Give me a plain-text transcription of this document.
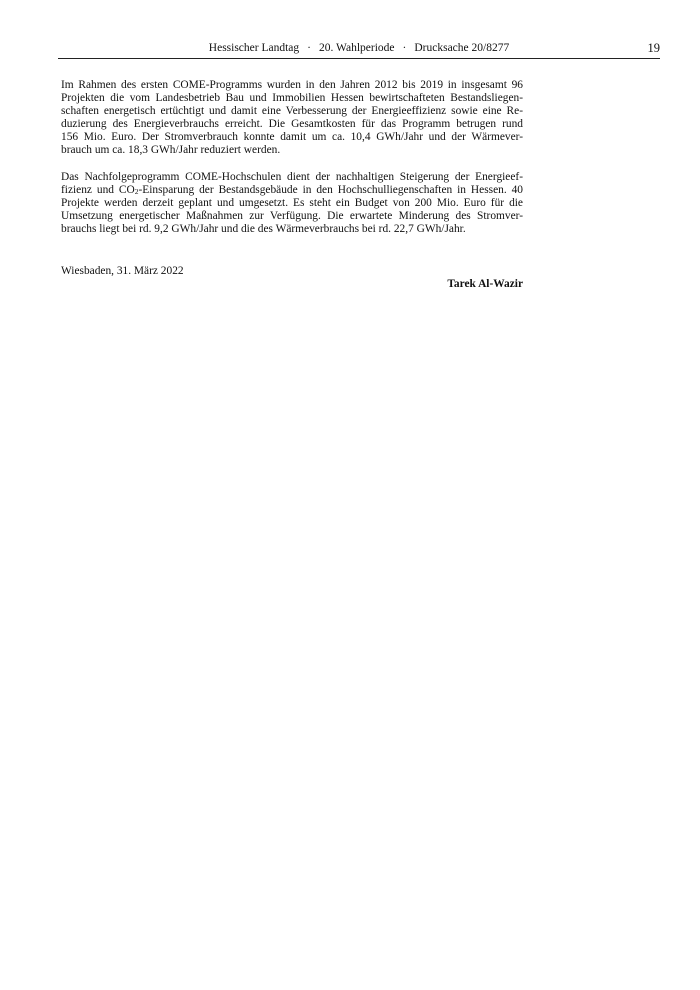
Hessischer Landtag · 20. Wahlperiode · Drucksache 20/8277	19

Im Rahmen des ersten COME-Programms wurden in den Jahren 2012 bis 2019 in insgesamt 96
Projekten die vom Landesbetrieb Bau und Immobilien Hessen bewirtschafteten Bestandsliegen-
schaften energetisch ertüchtigt und damit eine Verbesserung der Energieeffizienz sowie eine Re-
duzierung des Energieverbrauchs erreicht. Die Gesamtkosten für das Programm betrugen rund
156 Mio. Euro. Der Stromverbrauch konnte damit um ca. 10,4 GWh/Jahr und der Wärmever-
brauch um ca. 18,3 GWh/Jahr reduziert werden.

Das Nachfolgeprogramm COME-Hochschulen dient der nachhaltigen Steigerung der Energieef-
fizienz und $CO_2$-Einsparung der Bestandsgebäude in den Hochschulliegenschaften in Hessen. 40
Projekte werden derzeit geplant und umgesetzt. Es steht ein Budget von 200 Mio. Euro für die
Umsetzung energetischer Maßnahmen zur Verfügung. Die erwartete Minderung des Stromver-
brauchs liegt bei rd. 9,2 GWh/Jahr und die des Wärmeverbrauchs bei rd. 22,7 GWh/Jahr.

Wiesbaden, 31. März 2022
Tarek Al-Wazir
